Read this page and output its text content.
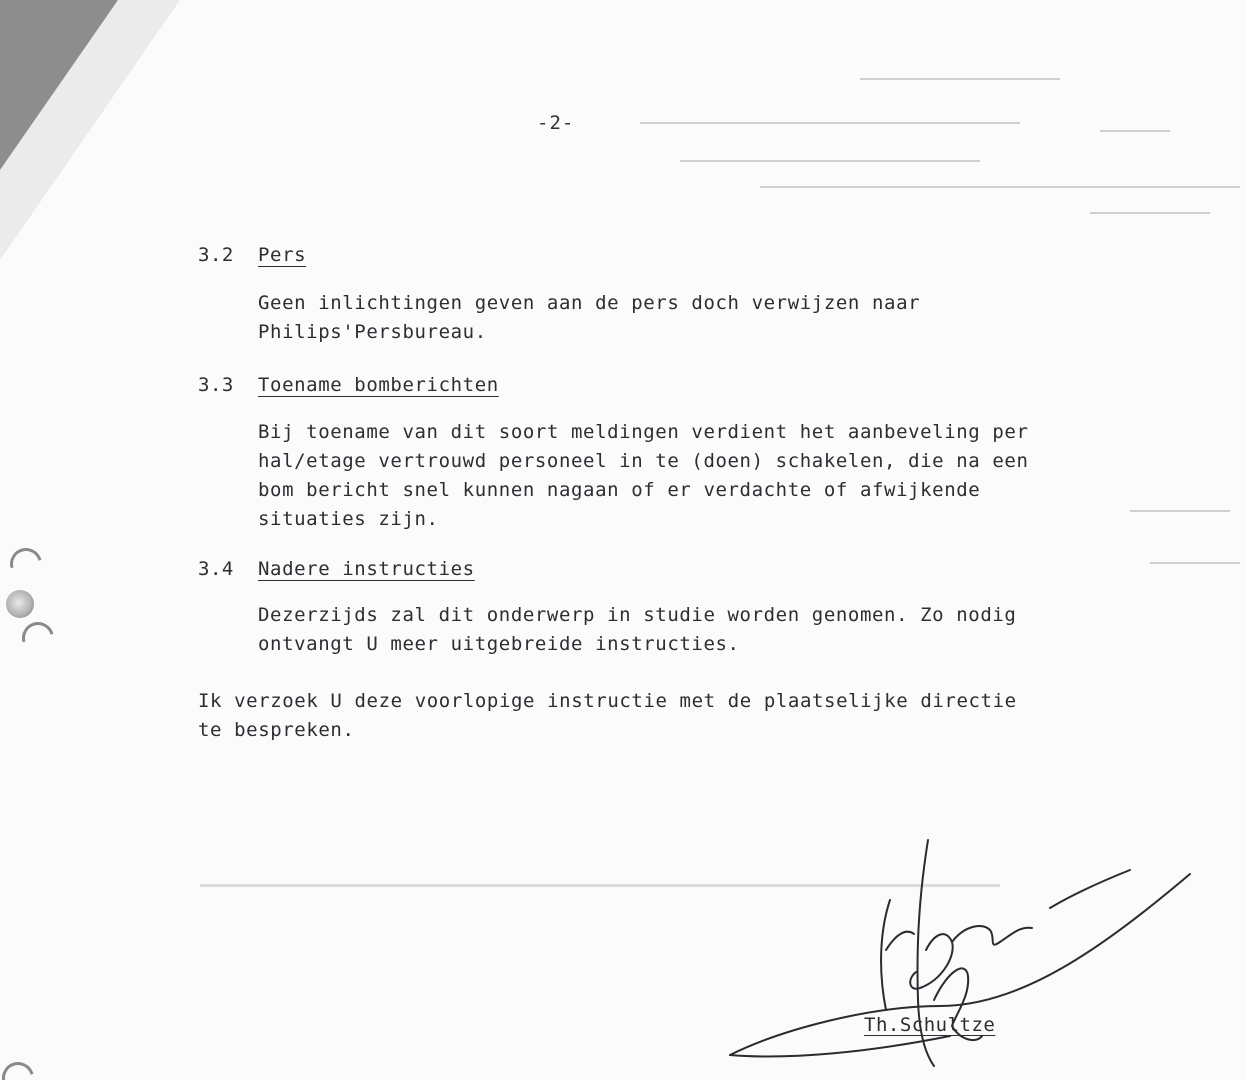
-2-
3.2 Pers
Geen inlichtingen geven aan de pers doch verwijzen naar
Philips'Persbureau.
3.3 Toename bomberichten
Bij toename van dit soort meldingen verdient het aanbeveling per
hal/etage vertrouwd personeel in te (doen) schakelen, die na een
bom bericht snel kunnen nagaan of er verdachte of afwijkende
situaties zijn.
3.4 Nadere instructies
Dezerzijds zal dit onderwerp in studie worden genomen. Zo nodig
ontvangt U meer uitgebreide instructies.
Ik verzoek U deze voorlopige instructie met de plaatselijke directie
te bespreken.
Th.Schultze
